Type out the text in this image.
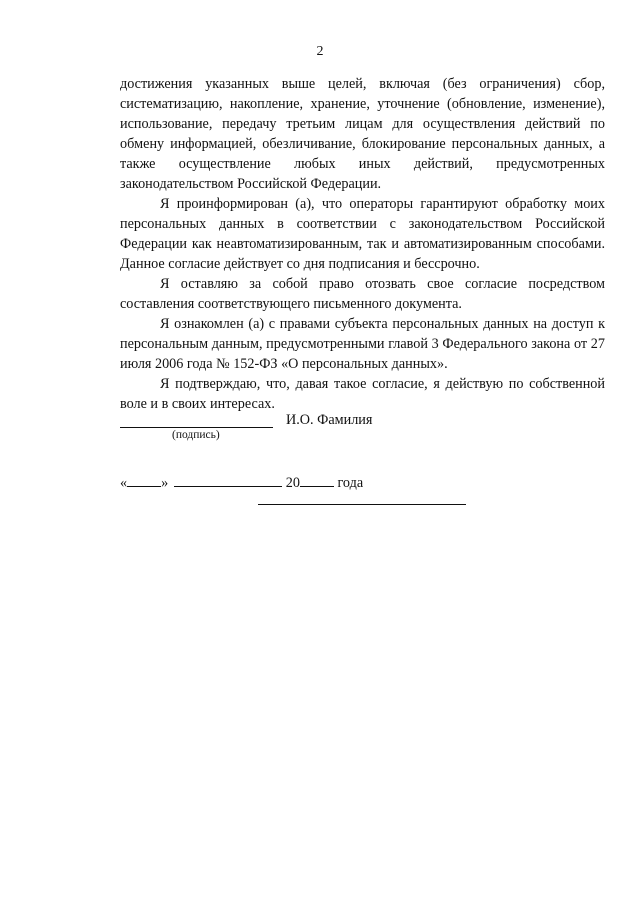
2

достижения указанных выше целей, включая (без ограничения) сбор, систематизацию, накопление, хранение, уточнение (обновление, изменение), использование, передачу третьим лицам для осуществления действий по обмену информацией, обезличивание, блокирование персональных данных, а также осуществление любых иных действий, предусмотренных законодательством Российской Федерации.

Я проинформирован (а), что операторы гарантируют обработку моих персональных данных в соответствии с законодательством Российской Федерации как неавтоматизированным, так и автоматизированным способами. Данное согласие действует со дня подписания и бессрочно.

Я оставляю за собой право отозвать свое согласие посредством составления соответствующего письменного документа.

Я ознакомлен (а) с правами субъекта персональных данных на доступ к персональным данным, предусмотренными главой 3 Федерального закона от 27 июля 2006 года № 152-ФЗ «О персональных данных».

Я подтверждаю, что, давая такое согласие, я действую по собственной воле и в своих интересах.

И.О. Фамилия
(подпись)
« »	20	года
